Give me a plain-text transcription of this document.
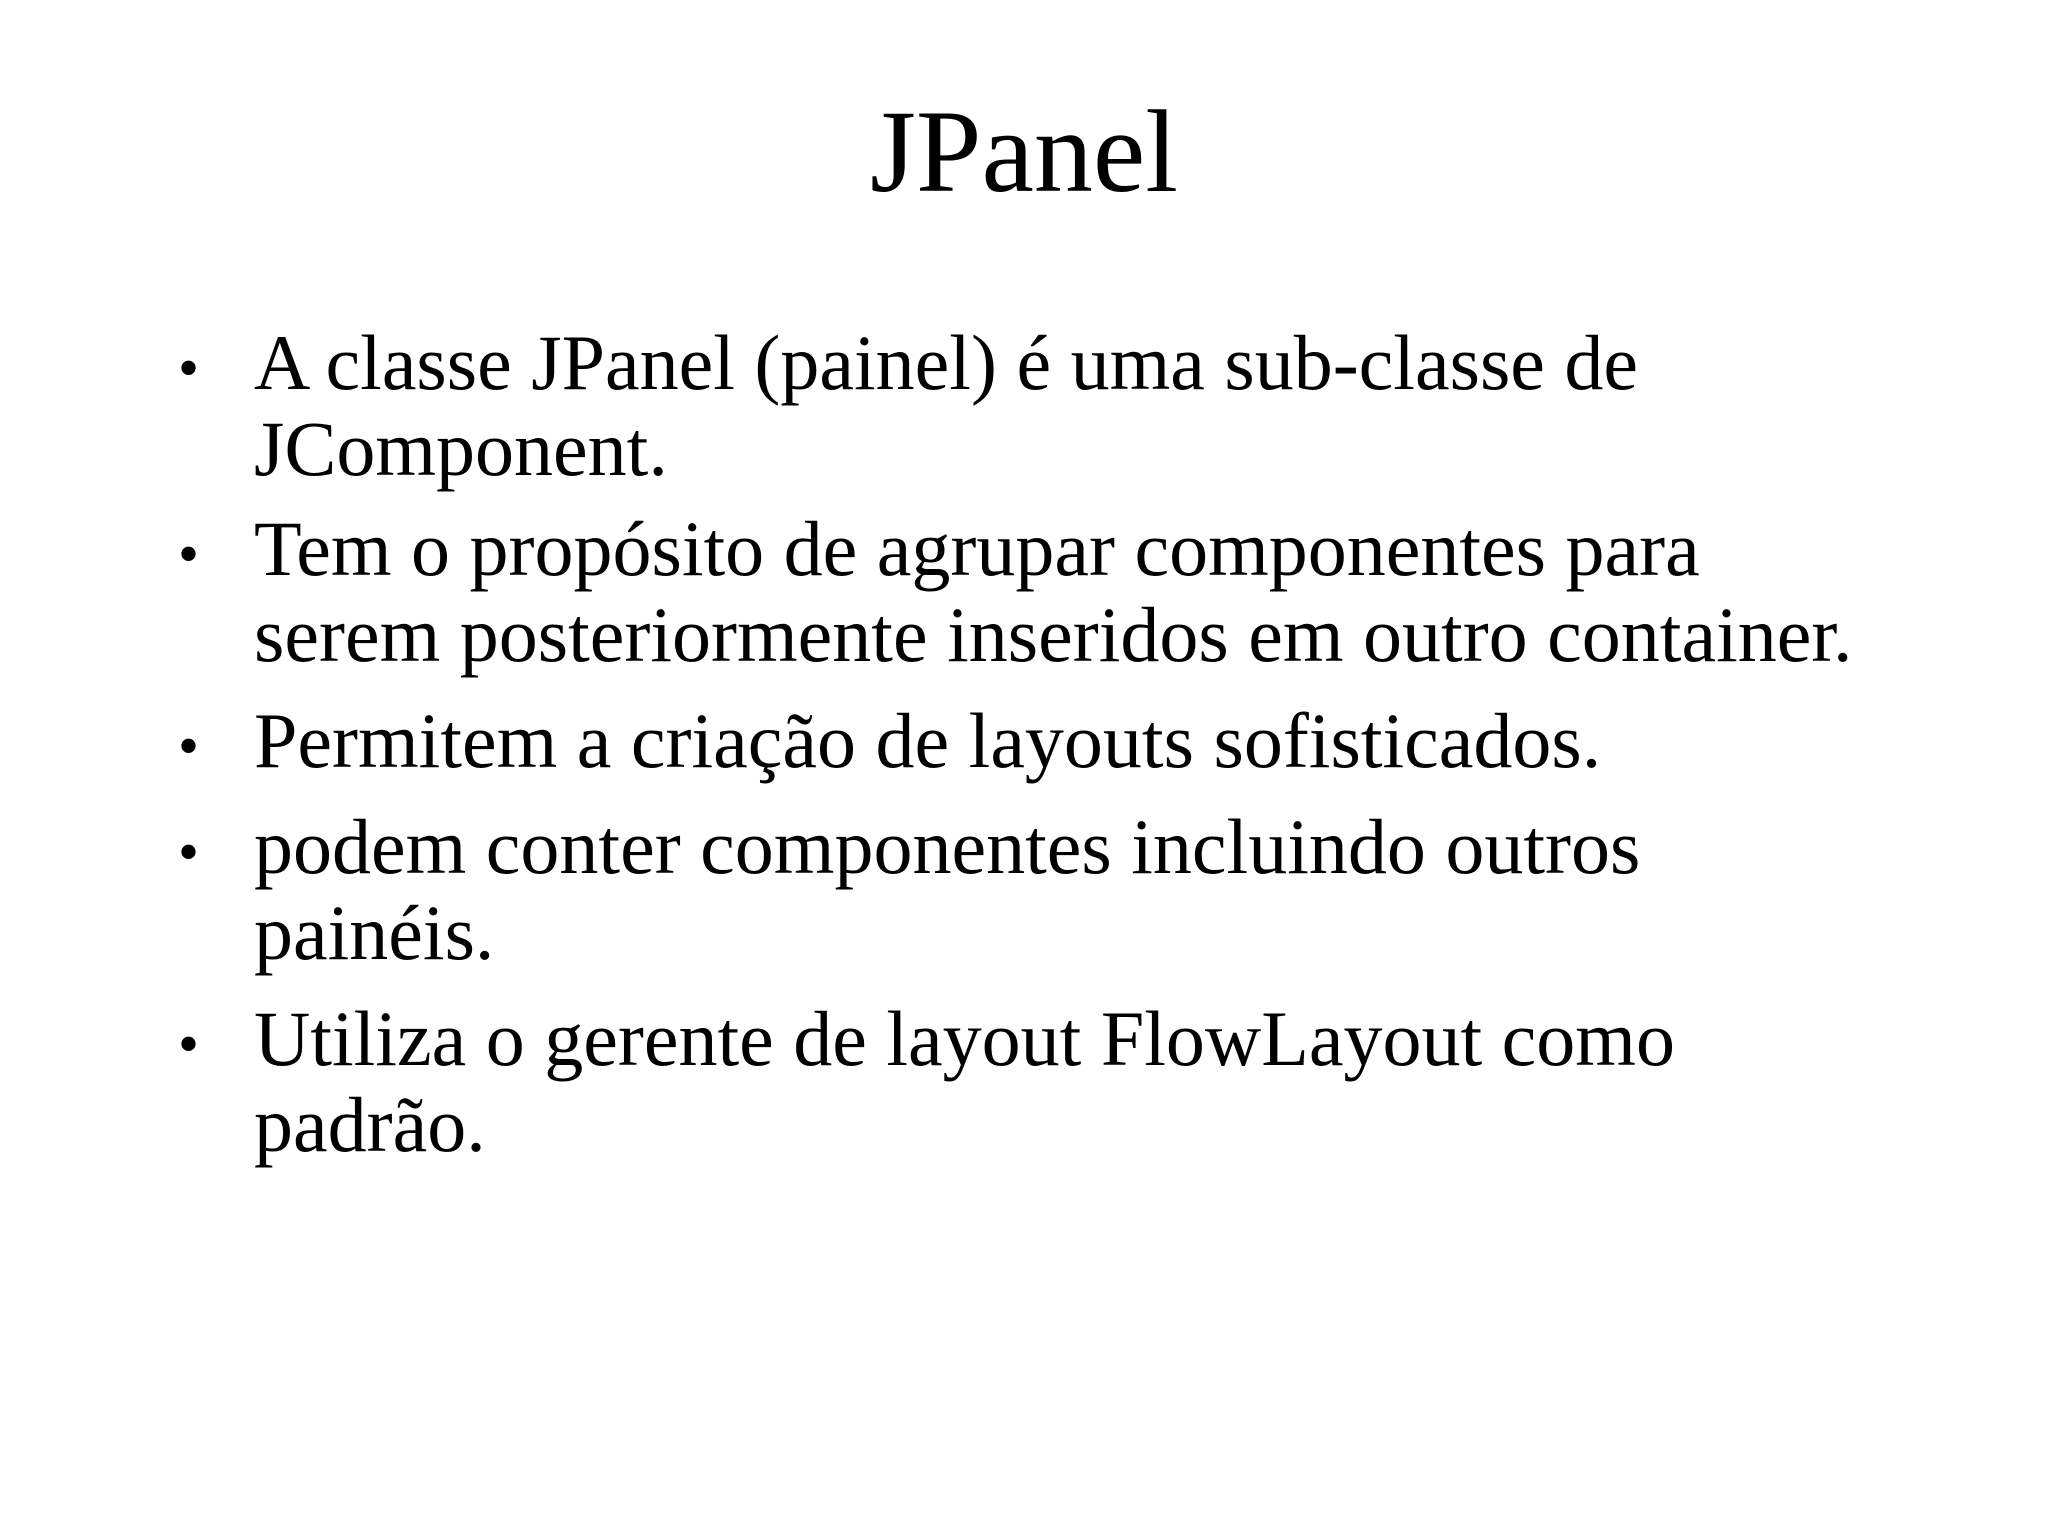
JPanel
• A classe JPanel (painel) é uma sub-classe de
JComponent.
• Tem o propósito de agrupar componentes para
serem posteriormente inseridos em outro container.
• Permitem a criação de layouts sofisticados.
• podem conter componentes incluindo outros
painéis.
• Utiliza o gerente de layout FlowLayout como
padrão.
